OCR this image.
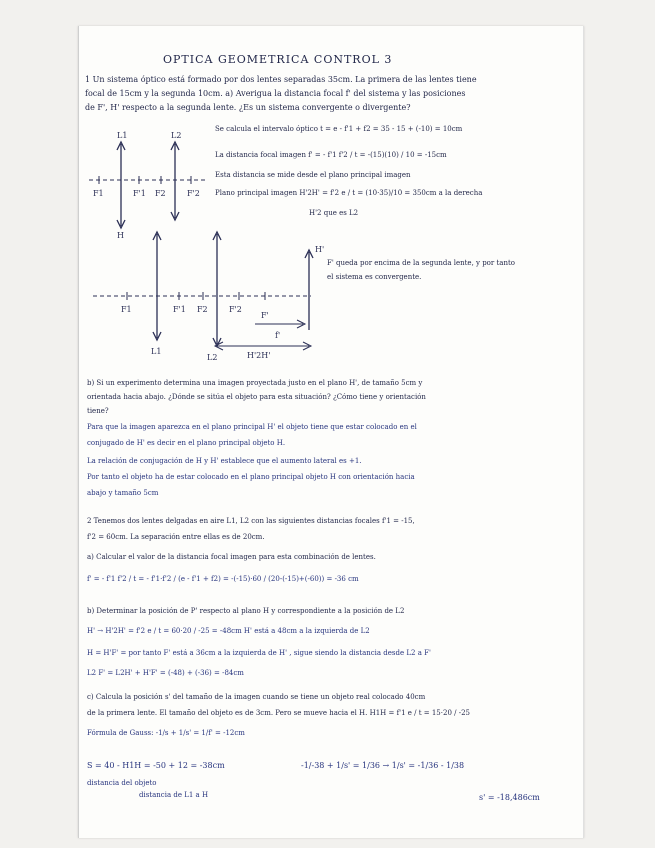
L1	L2
F1	F'1 F2	F'2
H
F1	F'1 F2	F'2
F'
f'
H'
L1
L2	H'2H'
OPTICA GEOMETRICA CONTROL 3
1 Un sistema óptico está formado por dos lentes separadas 35cm. La primera de las lentes tiene
focal de 15cm y la segunda 10cm. a) Averigua la distancia focal f' del sistema y las posiciones
de F', H' respecto a la segunda lente. ¿Es un sistema convergente o divergente?
Se calcula el intervalo óptico t = e - f'1 + f2 = 35 - 15 + (-10) = 10cm
La distancia focal imagen f' = - f'1 f'2 / t = -(15)(10) / 10 = -15cm
Esta distancia se mide desde el plano principal imagen
Plano principal imagen H'2H' = f'2 e / t = (10·35)/10 = 350cm a la derecha
H'2 que es L2
F' queda por encima de la segunda lente, y por tanto
el sistema es convergente.
b) Si un experimento determina una imagen proyectada justo en el plano H', de tamaño 5cm y
orientada hacia abajo. ¿Dónde se sitúa el objeto para esta situación? ¿Cómo tiene y orientación
tiene?
Para que la imagen aparezca en el plano principal H' el objeto tiene que estar colocado en el
conjugado de H' es decir en el plano principal objeto H.
La relación de conjugación de H y H' establece que el aumento lateral es +1.
Por tanto el objeto ha de estar colocado en el plano principal objeto H con orientación hacia
abajo y tamaño 5cm
2 Tenemos dos lentes delgadas en aire L1, L2 con las siguientes distancias focales f'1 = -15,
f'2 = 60cm. La separación entre ellas es de 20cm.
a) Calcular el valor de la distancia focal imagen para esta combinación de lentes.
f' = - f'1 f'2 / t = - f'1·f'2 / (e - f'1 + f2) = -(-15)·60 / (20-(-15)+(-60)) = -36 cm
b) Determinar la posición de P' respecto al plano H y correspondiente a la posición de L2
H' → H'2H' = f'2 e / t = 60·20 / -25 = -48cm H' está a 48cm a la izquierda de L2
H = H'F' = por tanto F' está a 36cm a la izquierda de H' , sigue siendo la distancia desde L2 a F'
L2 F' = L2H' + H'F' = (-48) + (-36) = -84cm
c) Calcula la posición s' del tamaño de la imagen cuando se tiene un objeto real colocado 40cm
de la primera lente. El tamaño del objeto es de 3cm. Pero se mueve hacia el H. H1H = f'1 e / t = 15·20 / -25
Fórmula de Gauss: -1/s + 1/s' = 1/f' = -12cm
S = 40 - H1H = -50 + 12 = -38cm
distancia del objeto
distancia de L1 a H
-1/-38 + 1/s' = 1/36 → 1/s' = -1/36 - 1/38
s' = -18,486cm
